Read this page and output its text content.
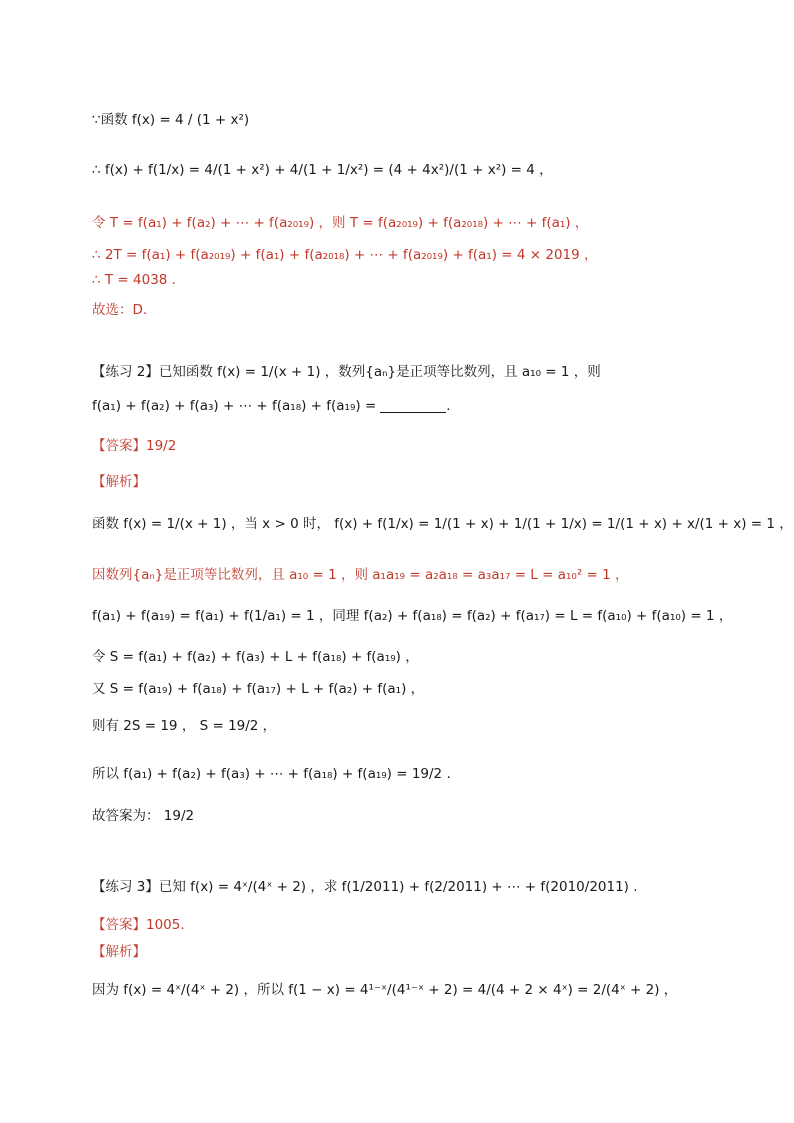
∵函数 f(x) = 4 / (1 + x²)
∴ f(x) + f(1/x) = 4/(1 + x²) + 4/(1 + 1/x²) = (4 + 4x²)/(1 + x²) = 4 ，
令 T = f(a₁) + f(a₂) + ⋯ + f(a₂₀₁₉) ，则 T = f(a₂₀₁₉) + f(a₂₀₁₈) + ⋯ + f(a₁) ，
∴ 2T = f(a₁) + f(a₂₀₁₉) + f(a₁) + f(a₂₀₁₈) + ⋯ + f(a₂₀₁₉) + f(a₁) = 4 × 2019 ，
∴ T = 4038 .
故选：D.
【练习 2】已知函数 f(x) = 1/(x + 1) ，数列{aₙ}是正项等比数列，且 a₁₀ = 1 ，则
f(a₁) + f(a₂) + f(a₃) + ⋯ + f(a₁₈) + f(a₁₉) =	.
【答案】19/2
【解析】
函数 f(x) = 1/(x + 1) ，当 x > 0 时， f(x) + f(1/x) = 1/(1 + x) + 1/(1 + 1/x) = 1/(1 + x) + x/(1 + x) = 1 ，
因数列{aₙ}是正项等比数列，且 a₁₀ = 1 ，则 a₁a₁₉ = a₂a₁₈ = a₃a₁₇ = L = a₁₀² = 1 ，
f(a₁) + f(a₁₉) = f(a₁) + f(1/a₁) = 1 ，同理 f(a₂) + f(a₁₈) = f(a₂) + f(a₁₇) = L = f(a₁₀) + f(a₁₀) = 1 ，
令 S = f(a₁) + f(a₂) + f(a₃) + L + f(a₁₈) + f(a₁₉) ，
又 S = f(a₁₉) + f(a₁₈) + f(a₁₇) + L + f(a₂) + f(a₁) ，
则有 2S = 19 ， S = 19/2 ，
所以 f(a₁) + f(a₂) + f(a₃) + ⋯ + f(a₁₈) + f(a₁₉) = 19/2 .
故答案为： 19/2
【练习 3】已知 f(x) = 4ˣ/(4ˣ + 2) ，求 f(1/2011) + f(2/2011) + ⋯ + f(2010/2011) .
【答案】1005.
【解析】
因为 f(x) = 4ˣ/(4ˣ + 2) ，所以 f(1 − x) = 4¹⁻ˣ/(4¹⁻ˣ + 2) = 4/(4 + 2 × 4ˣ) = 2/(4ˣ + 2) ，
